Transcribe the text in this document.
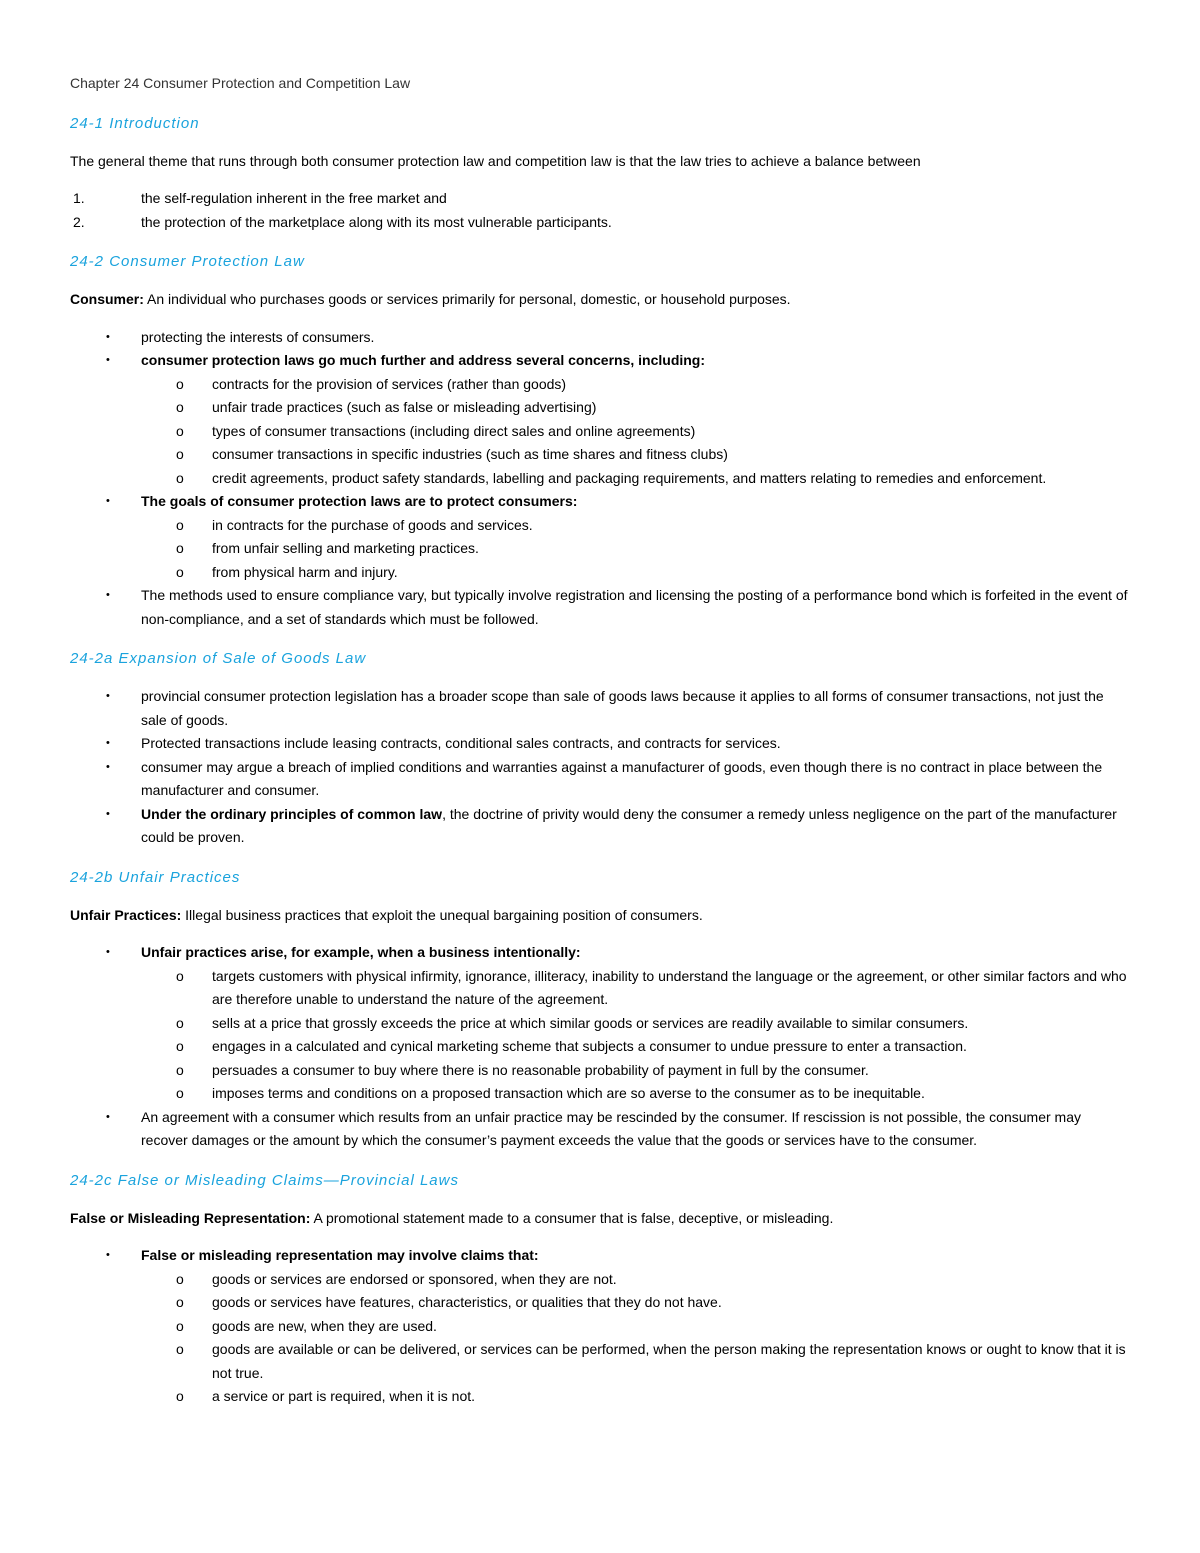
Chapter 24 Consumer Protection and Competition Law
24-1 Introduction

The general theme that runs through both consumer protection law and competition law is that the law tries to achieve a balance between

1.	the self-regulation inherent in the free market and
2.	the protection of the marketplace along with its most vulnerable participants.
24-2 Consumer Protection Law

Consumer: An individual who purchases goods or services primarily for personal, domestic, or household purposes.

• protecting the interests of consumers.
• consumer protection laws go much further and address several concerns, including:
o contracts for the provision of services (rather than goods)
o unfair trade practices (such as false or misleading advertising)
o types of consumer transactions (including direct sales and online agreements)
o consumer transactions in specific industries (such as time shares and fitness clubs)
o credit agreements, product safety standards, labelling and packaging requirements, and matters relating to remedies and enforcement.
• The goals of consumer protection laws are to protect consumers:
o in contracts for the purchase of goods and services.
o from unfair selling and marketing practices.
o from physical harm and injury.
• The methods used to ensure compliance vary, but typically involve registration and licensing the posting of a performance bond which is forfeited in the event of non-compliance, and a set of standards which must be followed.
24-2a Expansion of Sale of Goods Law
• provincial consumer protection legislation has a broader scope than sale of goods laws because it applies to all forms of consumer transactions, not just the sale of goods.
• Protected transactions include leasing contracts, conditional sales contracts, and contracts for services.
• consumer may argue a breach of implied conditions and warranties against a manufacturer of goods, even though there is no contract in place between the manufacturer and consumer.
• Under the ordinary principles of common law, the doctrine of privity would deny the consumer a remedy unless negligence on the part of the manufacturer could be proven.
24-2b Unfair Practices

Unfair Practices: Illegal business practices that exploit the unequal bargaining position of consumers.

• Unfair practices arise, for example, when a business intentionally:
o targets customers with physical infirmity, ignorance, illiteracy, inability to understand the language or the agreement, or other similar factors and who are therefore unable to understand the nature of the agreement.
o sells at a price that grossly exceeds the price at which similar goods or services are readily available to similar consumers.
o engages in a calculated and cynical marketing scheme that subjects a consumer to undue pressure to enter a transaction.
o persuades a consumer to buy where there is no reasonable probability of payment in full by the consumer.
o imposes terms and conditions on a proposed transaction which are so averse to the consumer as to be inequitable.
• An agreement with a consumer which results from an unfair practice may be rescinded by the consumer. If rescission is not possible, the consumer may recover damages or the amount by which the consumer’s payment exceeds the value that the goods or services have to the consumer.
24-2c False or Misleading Claims—Provincial Laws

False or Misleading Representation: A promotional statement made to a consumer that is false, deceptive, or misleading.

• False or misleading representation may involve claims that:
o goods or services are endorsed or sponsored, when they are not.
o goods or services have features, characteristics, or qualities that they do not have.
o goods are new, when they are used.
o goods are available or can be delivered, or services can be performed, when the person making the representation knows or ought to know that it is not true.
o a service or part is required, when it is not.
